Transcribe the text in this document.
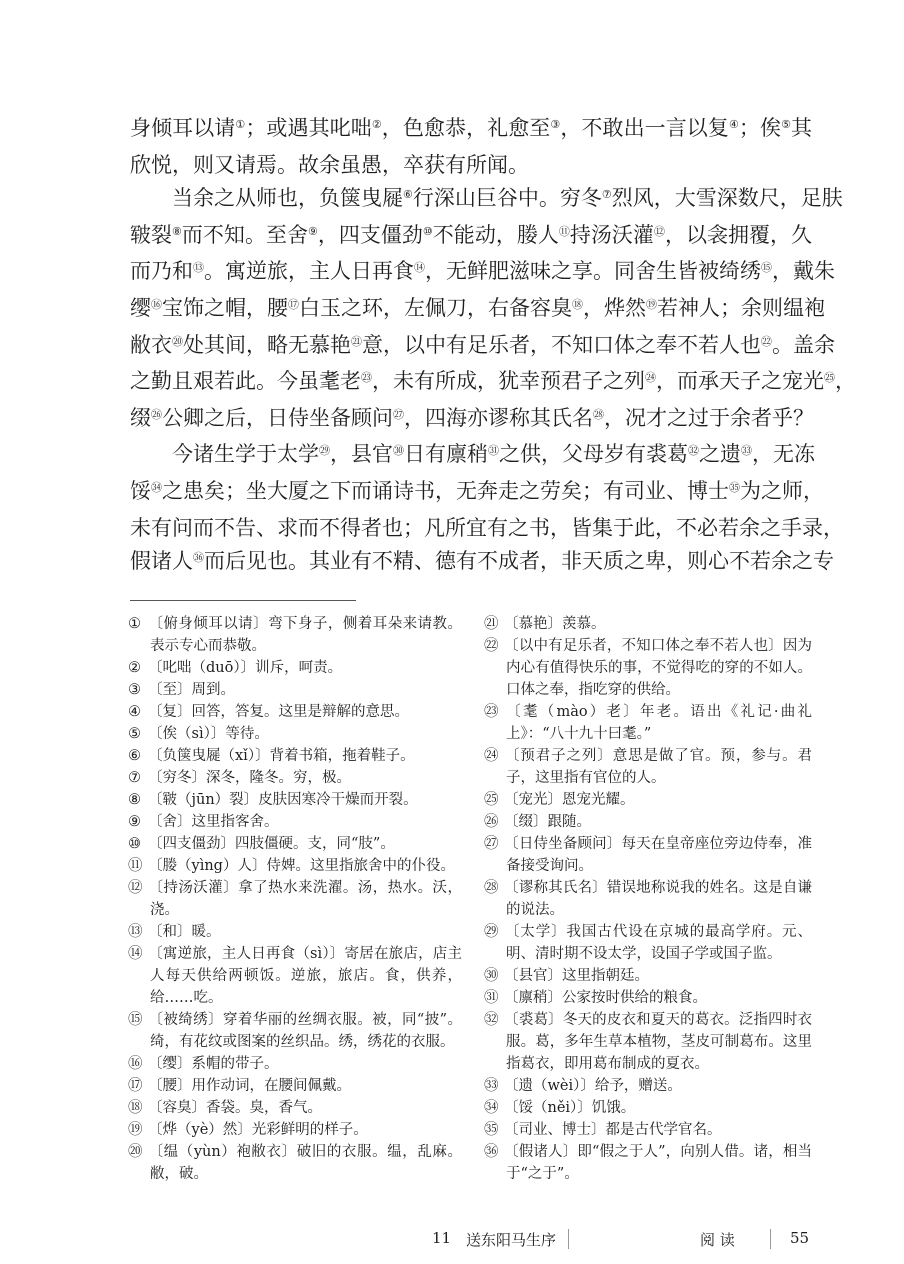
身倾耳以请①；或遇其叱咄②，色愈恭，礼愈至③，不敢出一言以复④；俟⑤其
欣悦，则又请焉。故余虽愚，卒获有所闻。
当余之从师也，负箧曳屣⑥行深山巨谷中。穷冬⑦烈风，大雪深数尺，足肤
皲裂⑧而不知。至舍⑨，四支僵劲⑩不能动，媵人⑪持汤沃灌⑫，以衾拥覆，久
而乃和⑬。寓逆旅，主人日再食⑭，无鲜肥滋味之享。同舍生皆被绮绣⑮，戴朱
缨⑯宝饰之帽，腰⑰白玉之环，左佩刀，右备容臭⑱，烨然⑲若神人；余则缊袍
敝衣⑳处其间，略无慕艳$^㉑$意，以中有足乐者，不知口体之奉不若人也$^㉒$。盖余
之勤且艰若此。今虽耄老$^㉓$，未有所成，犹幸预君子之列$^㉔$，而承天子之宠光$^㉕$，
缀$^㉖$公卿之后，日侍坐备顾问$^㉗$，四海亦谬称其氏名$^㉘$，况才之过于余者乎？
今诸生学于太学$^㉙$，县官$^㉚$日有廪稍$^㉛$之供，父母岁有裘葛$^㉜$之遗$^㉝$，无冻
馁$^㉞$之患矣；坐大厦之下而诵诗书，无奔走之劳矣；有司业、博士$^㉟$为之师，
未有问而不告、求而不得者也；凡所宜有之书，皆集于此，不必若余之手录，
假诸人$^㊱$而后见也。其业有不精、德有不成者，非天质之卑，则心不若余之专
① 〔俯身倾耳以请〕弯下身子，侧着耳朵来请教。表示专心而恭敬。
② 〔叱咄（duō）〕训斥，呵责。
③ 〔至〕周到。
④ 〔复〕回答，答复。这里是辩解的意思。
⑤ 〔俟（sì）〕等待。
⑥ 〔负箧曳屣（xǐ）〕背着书箱，拖着鞋子。
⑦ 〔穷冬〕深冬，隆冬。穷，极。
⑧ 〔皲（jūn）裂〕皮肤因寒冷干燥而开裂。
⑨ 〔舍〕这里指客舍。
⑩ 〔四支僵劲〕四肢僵硬。支，同“肢”。
⑪ 〔媵（yìng）人〕侍婢。这里指旅舍中的仆役。
⑫ 〔持汤沃灌〕拿了热水来洗濯。汤，热水。沃，浇。
⑬ 〔和〕暖。
⑭ 〔寓逆旅，主人日再食（sì）〕寄居在旅店，店主人每天供给两顿饭。逆旅，旅店。食，供养，给……吃。
⑮ 〔被绮绣〕穿着华丽的丝绸衣服。被，同“披”。绮，有花纹或图案的丝织品。绣，绣花的衣服。
⑯ 〔缨〕系帽的带子。
⑰ 〔腰〕用作动词，在腰间佩戴。
⑱ 〔容臭〕香袋。臭，香气。
⑲ 〔烨（yè）然〕光彩鲜明的样子。
⑳ 〔缊（yùn）袍敝衣〕破旧的衣服。缊，乱麻。敝，破。
㉑ 〔慕艳〕羡慕。
㉒ 〔以中有足乐者，不知口体之奉不若人也〕因为内心有值得快乐的事，不觉得吃的穿的不如人。口体之奉，指吃穿的供给。
㉓ 〔耄（mào）老〕年老。语出《礼记·曲礼上》：“八十九十曰耄。”
㉔ 〔预君子之列〕意思是做了官。预，参与。君子，这里指有官位的人。
㉕ 〔宠光〕恩宠光耀。
㉖ 〔缀〕跟随。
㉗ 〔日侍坐备顾问〕每天在皇帝座位旁边侍奉，准备接受询问。
㉘ 〔谬称其氏名〕错误地称说我的姓名。这是自谦的说法。
㉙ 〔太学〕我国古代设在京城的最高学府。元、明、清时期不设太学，设国子学或国子监。
㉚ 〔县官〕这里指朝廷。
㉛ 〔廪稍〕公家按时供给的粮食。
㉜ 〔裘葛〕冬天的皮衣和夏天的葛衣。泛指四时衣服。葛，多年生草本植物，茎皮可制葛布。这里指葛衣，即用葛布制成的夏衣。
㉝ 〔遗（wèi）〕给予，赠送。
㉞ 〔馁（něi）〕饥饿。
㉟ 〔司业、博士〕都是古代学官名。
㊱ 〔假诸人〕即“假之于人”，向别人借。诸，相当于“之于”。
11 送东阳马生序	阅 读	55
